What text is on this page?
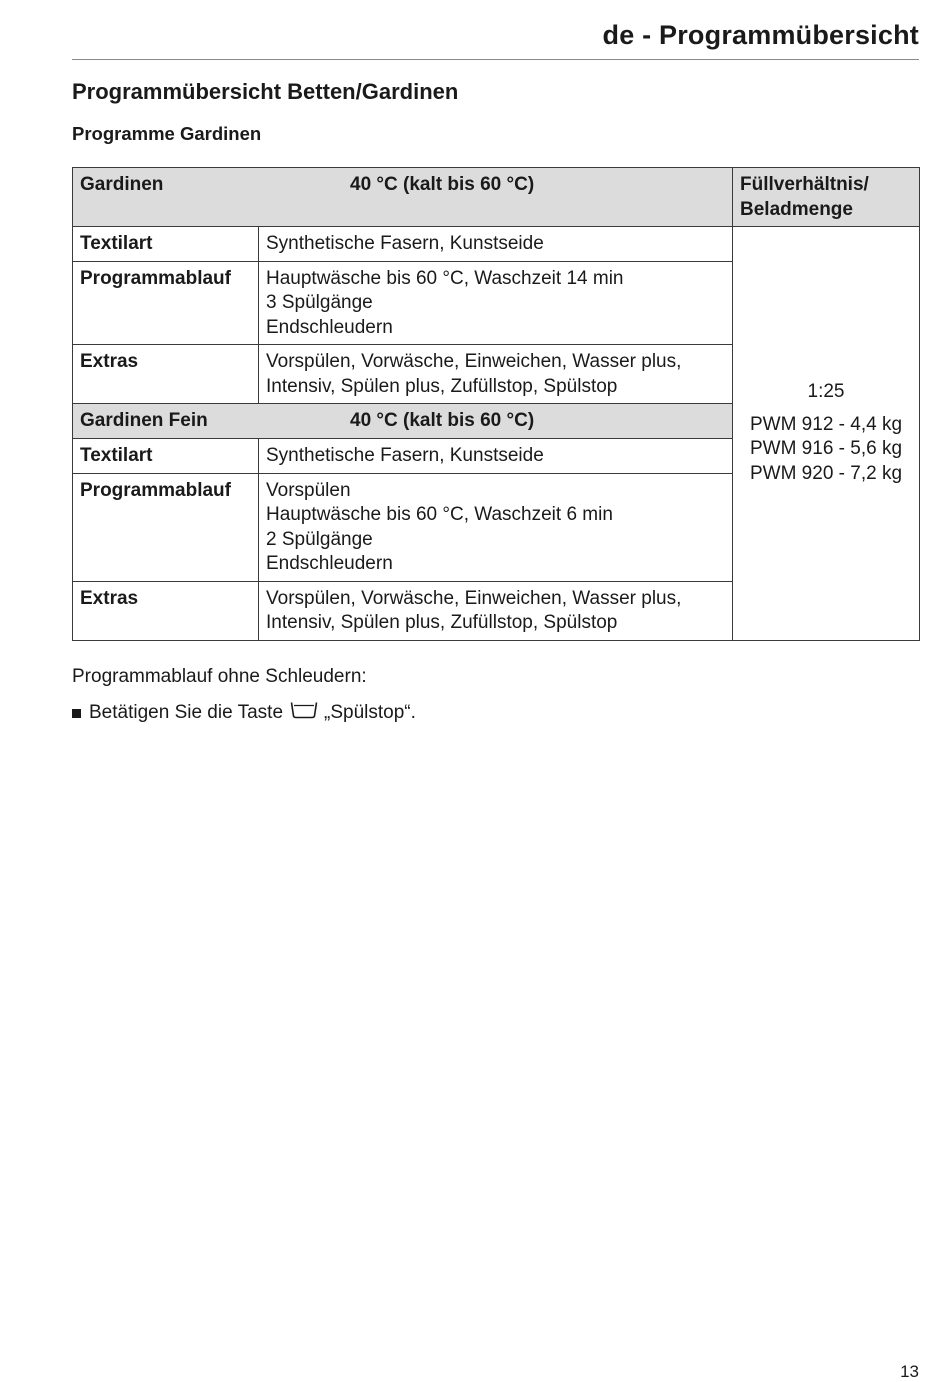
de - Programmübersicht
Programmübersicht Betten/Gardinen
Programme Gardinen
Gardinen 40 °C (kalt bis 60 °C)		Füllverhältnis/
Beladmenge

Textilart	Synthetische Fasern, Kunstseide	1:25
PWM 912 - 4,4 kg
PWM 916 - 5,6 kg
PWM 920 - 7,2 kg

Programmablauf	Hauptwäsche bis 60 °C, Waschzeit 14 min
3 Spülgänge
Endschleudern	

Extras	Vorspülen, Vorwäsche, Einweichen, Wasser plus,
Intensiv, Spülen plus, Zufüllstop, Spülstop	

Gardinen Fein 40 °C (kalt bis 60 °C)		

Textilart	Synthetische Fasern, Kunstseide	
Programmablauf	Vorspülen
Hauptwäsche bis 60 °C, Waschzeit 6 min
2 Spülgänge
Endschleudern	

Extras	Vorspülen, Vorwäsche, Einweichen, Wasser plus,
Intensiv, Spülen plus, Zufüllstop, Spülstop	
Programmablauf ohne Schleudern:
Betätigen Sie die Taste „Spülstop“.
13
